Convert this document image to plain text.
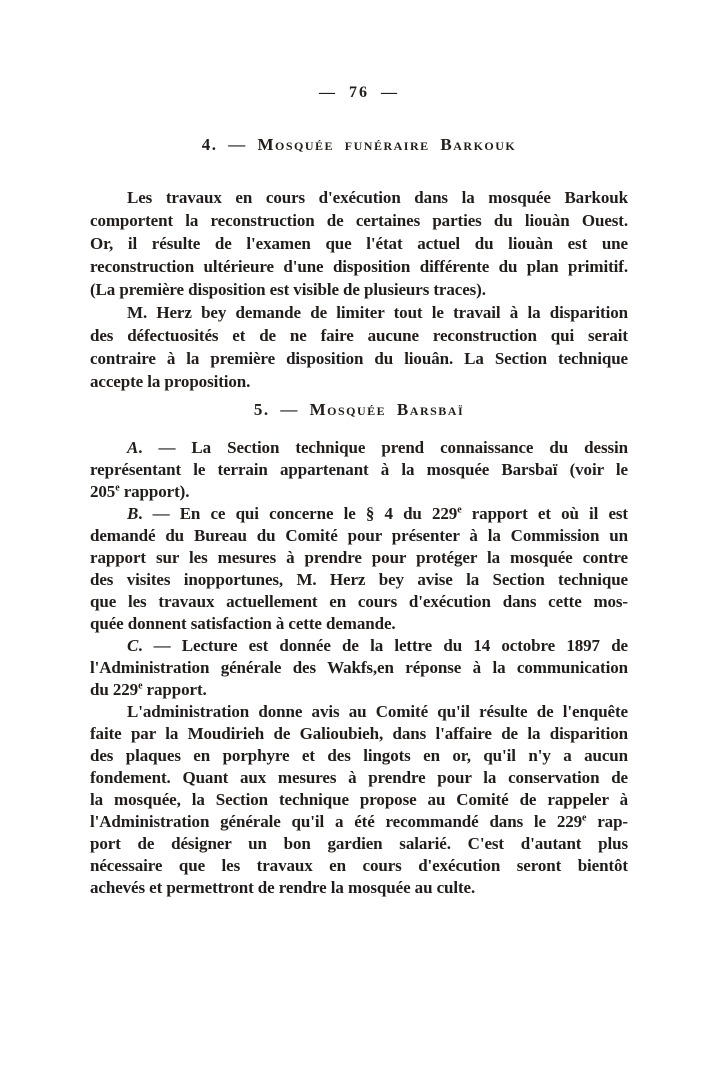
— 76 —
4. — Mosquée funéraire Barkouk
Les travaux en cours d'exécution dans la mosquée Barkouk
comportent la reconstruction de certaines parties du liouàn Ouest.
Or, il résulte de l'examen que l'état actuel du liouàn est une
reconstruction ultérieure d'une disposition différente du plan primitif.
(La première disposition est visible de plusieurs traces).
M. Herz bey demande de limiter tout le travail à la disparition
des défectuosités et de ne faire aucune reconstruction qui serait
contraire à la première disposition du liouân. La Section technique
accepte la proposition.
5. — Mosquée Barsbaï
A. — La Section technique prend connaissance du dessin
représentant le terrain appartenant à la mosquée Barsbaï (voir le
205e rapport).
B. — En ce qui concerne le § 4 du 229e rapport et où il est
demandé du Bureau du Comité pour présenter à la Commission un
rapport sur les mesures à prendre pour protéger la mosquée contre
des visites inopportunes, M. Herz bey avise la Section technique
que les travaux actuellement en cours d'exécution dans cette mos-
quée donnent satisfaction à cette demande.
C. — Lecture est donnée de la lettre du 14 octobre 1897 de
l'Administration générale des Wakfs,en réponse à la communication
du 229e rapport.
L'administration donne avis au Comité qu'il résulte de l'enquête
faite par la Moudirieh de Galioubieh, dans l'affaire de la disparition
des plaques en porphyre et des lingots en or, qu'il n'y a aucun
fondement. Quant aux mesures à prendre pour la conservation de
la mosquée, la Section technique propose au Comité de rappeler à
l'Administration générale qu'il a été recommandé dans le 229e rap-
port de désigner un bon gardien salarié. C'est d'autant plus
nécessaire que les travaux en cours d'exécution seront bientôt
achevés et permettront de rendre la mosquée au culte.
